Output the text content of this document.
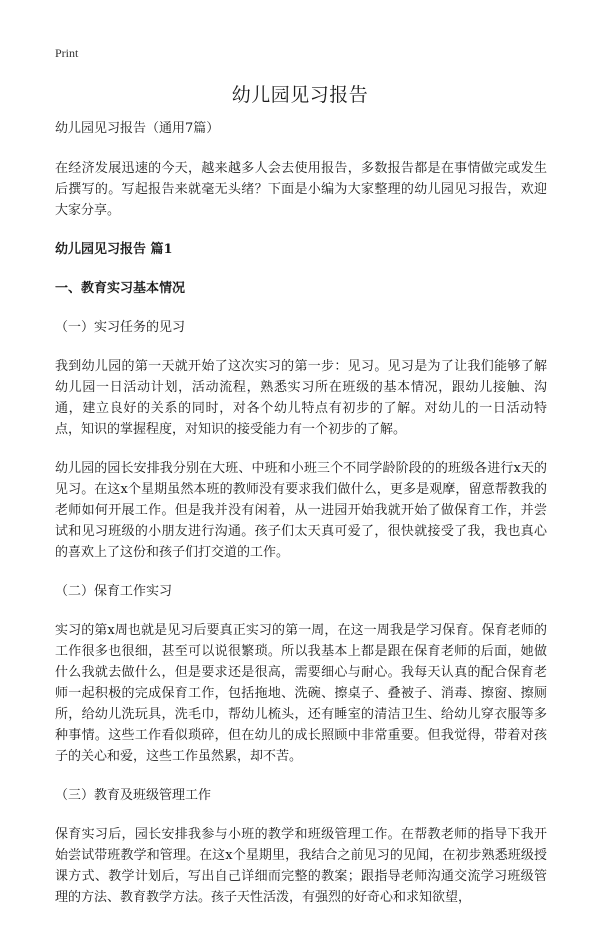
Print
幼儿园见习报告

幼儿园见习报告（通用7篇）

在经济发展迅速的今天，越来越多人会去使用报告，多数报告都是在事情做完或发生后撰写的。写起报告来就毫无头绪？下面是小编为大家整理的幼儿园见习报告，欢迎大家分享。

幼儿园见习报告 篇1

一、教育实习基本情况

（一）实习任务的见习

我到幼儿园的第一天就开始了这次实习的第一步：见习。见习是为了让我们能够了解幼儿园一日活动计划，活动流程，熟悉实习所在班级的基本情况，跟幼儿接触、沟通，建立良好的关系的同时，对各个幼儿特点有初步的了解。对幼儿的一日活动特点，知识的掌握程度，对知识的接受能力有一个初步的了解。

幼儿园的园长安排我分别在大班、中班和小班三个不同学龄阶段的的班级各进行x天的见习。在这x个星期虽然本班的教师没有要求我们做什么，更多是观摩，留意帮教我的老师如何开展工作。但是我并没有闲着，从一进园开始我就开始了做保育工作，并尝试和见习班级的小朋友进行沟通。孩子们太天真可爱了，很快就接受了我，我也真心的喜欢上了这份和孩子们打交道的工作。

（二）保育工作实习

实习的第x周也就是见习后要真正实习的第一周，在这一周我是学习保育。保育老师的工作很多也很细，甚至可以说很繁琐。所以我基本上都是跟在保育老师的后面，她做什么我就去做什么，但是要求还是很高，需要细心与耐心。我每天认真的配合保育老师一起积极的完成保育工作，包括拖地、洗碗、擦桌子、叠被子、消毒、擦窗、擦厕所，给幼儿洗玩具，洗毛巾，帮幼儿梳头，还有睡室的清洁卫生、给幼儿穿衣服等多种事情。这些工作看似琐碎，但在幼儿的成长照顾中非常重要。但我觉得，带着对孩子的关心和爱，这些工作虽然累，却不苦。

（三）教育及班级管理工作

保育实习后，园长安排我参与小班的教学和班级管理工作。在帮教老师的指导下我开始尝试带班教学和管理。在这x个星期里，我结合之前见习的见闻，在初步熟悉班级授课方式、教学计划后，写出自己详细而完整的教案；跟指导老师沟通交流学习班级管理的方法、教育教学方法。孩子天性活泼，有强烈的好奇心和求知欲望，
